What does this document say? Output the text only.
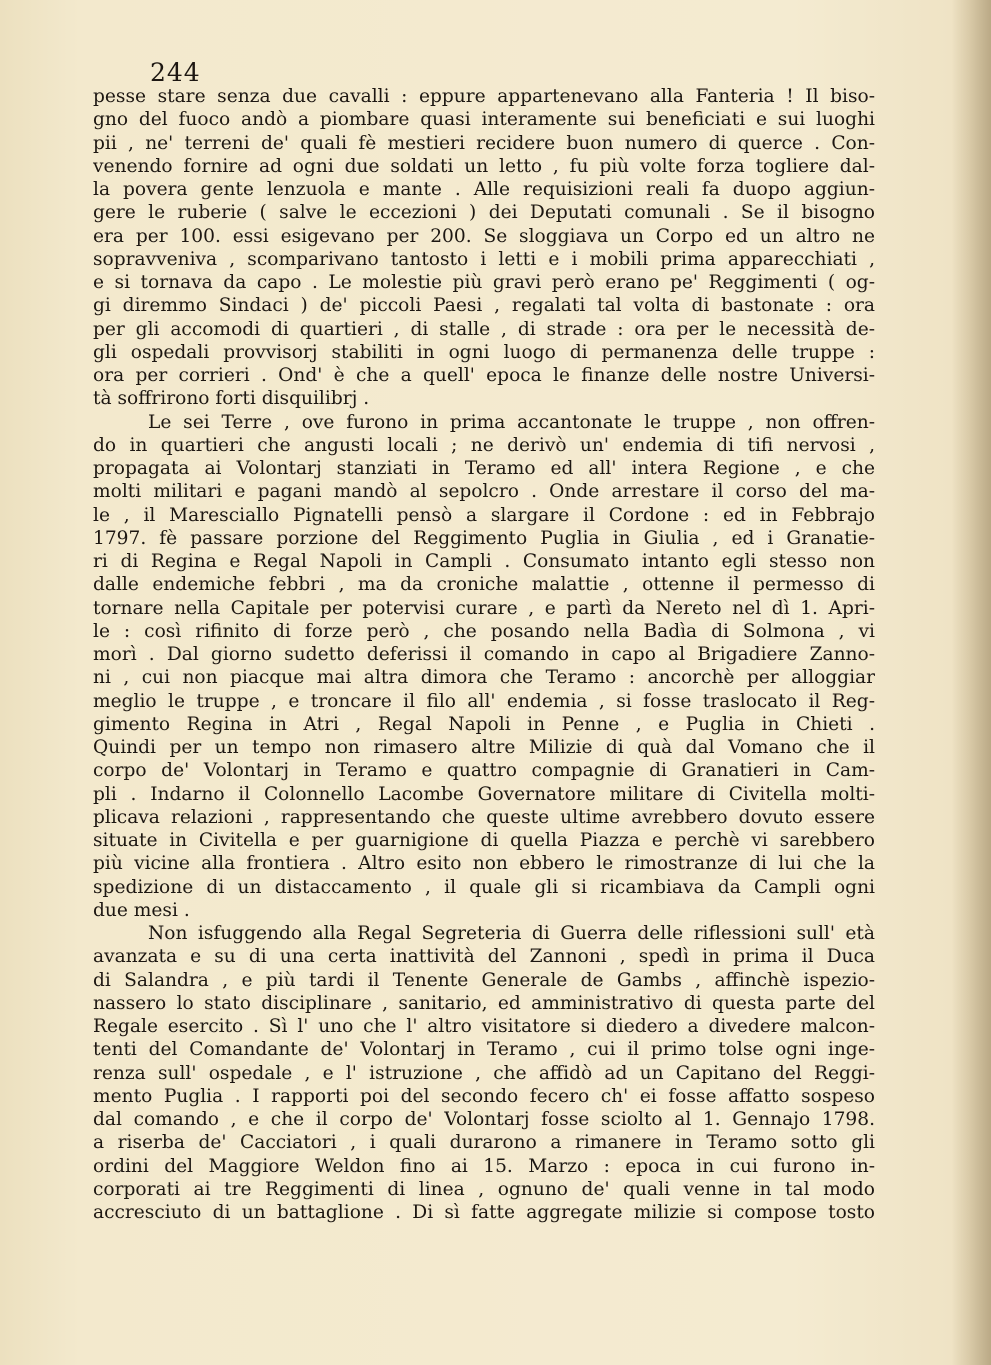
244
pesse stare senza due cavalli : eppure appartenevano alla Fanteria ! Il biso-
gno del fuoco andò a piombare quasi interamente sui beneficiati e sui luoghi
pii , ne' terreni de' quali fè mestieri recidere buon numero di querce . Con-
venendo fornire ad ogni due soldati un letto , fu più volte forza togliere dal-
la povera gente lenzuola e mante . Alle requisizioni reali fa duopo aggiun-
gere le ruberie ( salve le eccezioni ) dei Deputati comunali . Se il bisogno
era per 100. essi esigevano per 200. Se sloggiava un Corpo ed un altro ne
sopravveniva , scomparivano tantosto i letti e i mobili prima apparecchiati ,
e si tornava da capo . Le molestie più gravi però erano pe' Reggimenti ( og-
gi diremmo Sindaci ) de' piccoli Paesi , regalati tal volta di bastonate : ora
per gli accomodi di quartieri , di stalle , di strade : ora per le necessità de-
gli ospedali provvisorj stabiliti in ogni luogo di permanenza delle truppe :
ora per corrieri . Ond' è che a quell' epoca le finanze delle nostre Universi-
tà soffrirono forti disquilibrj .
Le sei Terre , ove furono in prima accantonate le truppe , non offren-
do in quartieri che angusti locali ; ne derivò un' endemia di tifi nervosi ,
propagata ai Volontarj stanziati in Teramo ed all' intera Regione , e che
molti militari e pagani mandò al sepolcro . Onde arrestare il corso del ma-
le , il Maresciallo Pignatelli pensò a slargare il Cordone : ed in Febbrajo
1797. fè passare porzione del Reggimento Puglia in Giulia , ed i Granatie-
ri di Regina e Regal Napoli in Campli . Consumato intanto egli stesso non
dalle endemiche febbri , ma da croniche malattie , ottenne il permesso di
tornare nella Capitale per potervisi curare , e partì da Nereto nel dì 1. Apri-
le : così rifinito di forze però , che posando nella Badìa di Solmona , vi
morì . Dal giorno sudetto deferissi il comando in capo al Brigadiere Zanno-
ni , cui non piacque mai altra dimora che Teramo : ancorchè per alloggiar
meglio le truppe , e troncare il filo all' endemia , si fosse traslocato il Reg-
gimento Regina in Atri , Regal Napoli in Penne , e Puglia in Chieti .
Quindi per un tempo non rimasero altre Milizie di quà dal Vomano che il
corpo de' Volontarj in Teramo e quattro compagnie di Granatieri in Cam-
pli . Indarno il Colonnello Lacombe Governatore militare di Civitella molti-
plicava relazioni , rappresentando che queste ultime avrebbero dovuto essere
situate in Civitella e per guarnigione di quella Piazza e perchè vi sarebbero
più vicine alla frontiera . Altro esito non ebbero le rimostranze di lui che la
spedizione di un distaccamento , il quale gli si ricambiava da Campli ogni
due mesi .
Non isfuggendo alla Regal Segreteria di Guerra delle riflessioni sull' età
avanzata e su di una certa inattività del Zannoni , spedì in prima il Duca
di Salandra , e più tardi il Tenente Generale de Gambs , affinchè ispezio-
nassero lo stato disciplinare , sanitario, ed amministrativo di questa parte del
Regale esercito . Sì l' uno che l' altro visitatore si diedero a divedere malcon-
tenti del Comandante de' Volontarj in Teramo , cui il primo tolse ogni inge-
renza sull' ospedale , e l' istruzione , che affidò ad un Capitano del Reggi-
mento Puglia . I rapporti poi del secondo fecero ch' ei fosse affatto sospeso
dal comando , e che il corpo de' Volontarj fosse sciolto al 1. Gennajo 1798.
a riserba de' Cacciatori , i quali durarono a rimanere in Teramo sotto gli
ordini del Maggiore Weldon fino ai 15. Marzo : epoca in cui furono in-
corporati ai tre Reggimenti di linea , ognuno de' quali venne in tal modo
accresciuto di un battaglione . Di sì fatte aggregate milizie si compose tosto
